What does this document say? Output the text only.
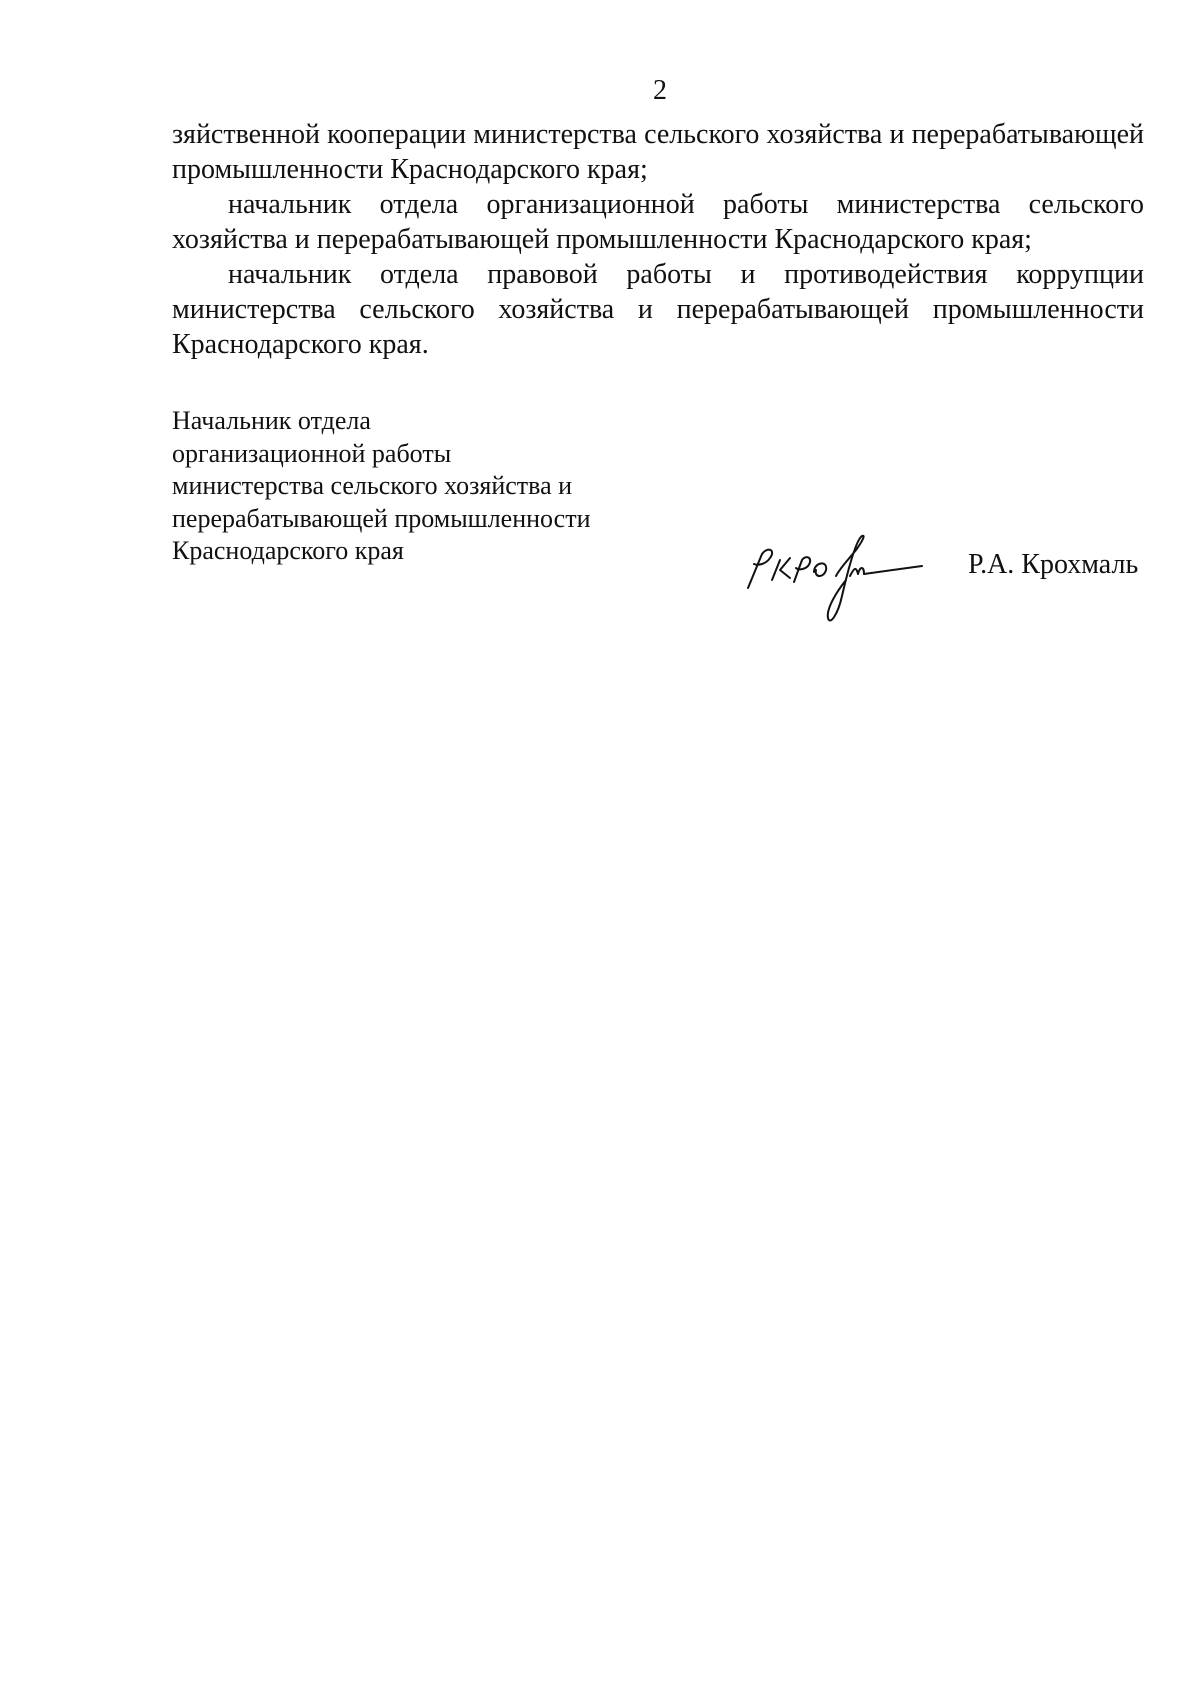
2

зяйственной кооперации министерства сельского хозяйства и перерабатывающей промышленности Краснодарского края;

начальник отдела организационной работы министерства сельского хозяйства и перерабатывающей промышленности Краснодарского края;

начальник отдела правовой работы и противодействия коррупции министерства сельского хозяйства и перерабатывающей промышленности Краснодарского края.

Начальник отдела
организационной работы
министерства сельского хозяйства и
перерабатывающей промышленности
Краснодарского края	Р.А. Крохмаль
